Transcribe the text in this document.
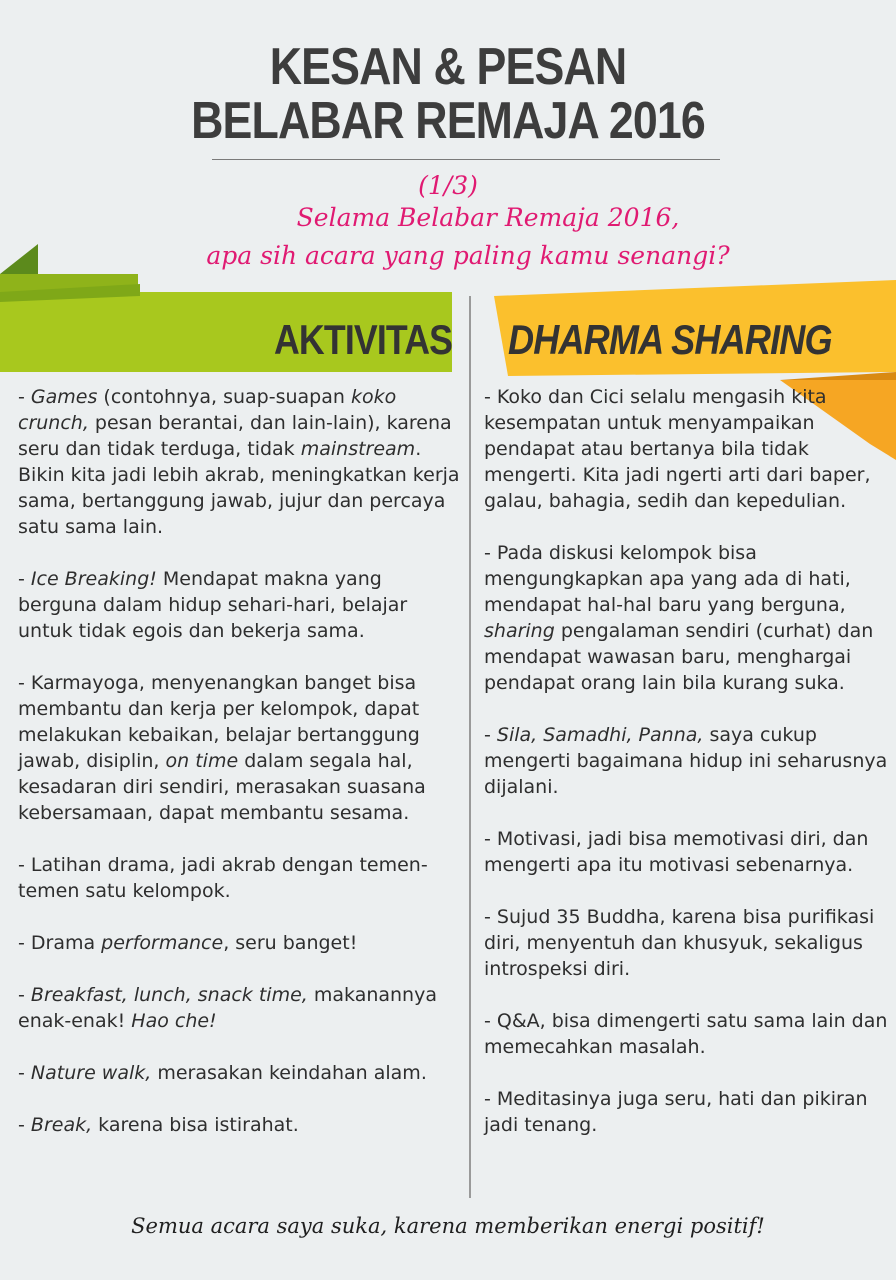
KESAN & PESAN
BELABAR REMAJA 2016
(1/3)
Selama Belabar Remaja 2016,
apa sih acara yang paling kamu senangi?
AKTIVITAS DHARMA SHARING
- Games (contohnya, suap-suapan koko crunch, pesan berantai, dan lain-lain), karena seru dan tidak terduga, tidak mainstream. Bikin kita jadi lebih akrab, meningkatkan kerja sama, bertanggung jawab, jujur dan percaya satu sama lain.
- Ice Breaking! Mendapat makna yang berguna dalam hidup sehari-hari, belajar untuk tidak egois dan bekerja sama.
- Karmayoga, menyenangkan banget bisa membantu dan kerja per kelompok, dapat melakukan kebaikan, belajar bertanggung jawab, disiplin, on time dalam segala hal, kesadaran diri sendiri, merasakan suasana kebersamaan, dapat membantu sesama.
- Latihan drama, jadi akrab dengan temen-temen satu kelompok.
- Drama performance, seru banget!
- Breakfast, lunch, snack time, makanannya enak-enak! Hao che!
- Nature walk, merasakan keindahan alam.
- Break, karena bisa istirahat.
- Koko dan Cici selalu mengasih kita kesempatan untuk menyampaikan pendapat atau bertanya bila tidak mengerti. Kita jadi ngerti arti dari baper, galau, bahagia, sedih dan kepedulian.
- Pada diskusi kelompok bisa mengungkapkan apa yang ada di hati, mendapat hal-hal baru yang berguna, sharing pengalaman sendiri (curhat) dan mendapat wawasan baru, menghargai pendapat orang lain bila kurang suka.
- Sila, Samadhi, Panna, saya cukup mengerti bagaimana hidup ini seharusnya dijalani.
- Motivasi, jadi bisa memotivasi diri, dan mengerti apa itu motivasi sebenarnya.
- Sujud 35 Buddha, karena bisa purifikasi diri, menyentuh dan khusyuk, sekaligus introspeksi diri.
- Q&A, bisa dimengerti satu sama lain dan memecahkan masalah.
- Meditasinya juga seru, hati dan pikiran jadi tenang.
Semua acara saya suka, karena memberikan energi positif!
